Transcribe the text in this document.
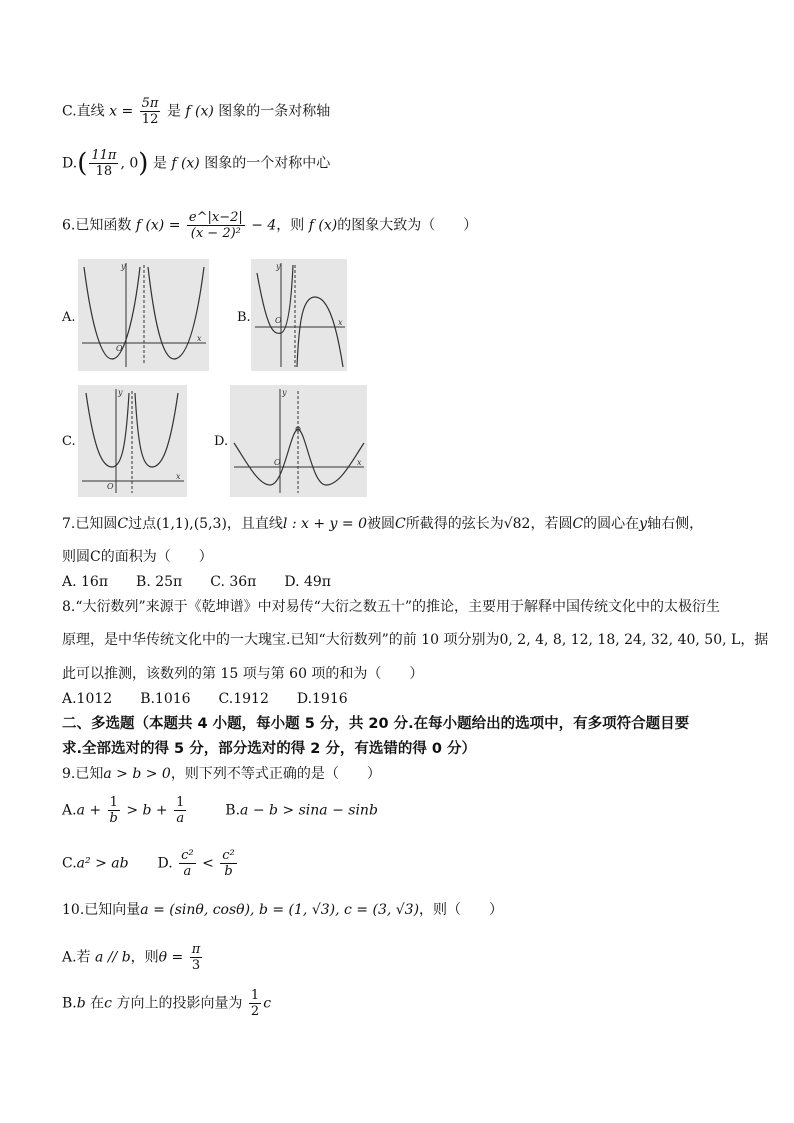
C.直线 $x = \frac{5\pi}{12}$ 是 f (x) 图象的一条对称轴
$D.( \frac{11\pi}{18}$ , 0) 是 f (x) 图象的一个对称中心
6.已知函数 f $(x) = \frac{e\^{}|x-2|}{\text{(x − 2)²}} - 4$，则 f (x)的图象大致为（　　）
A.
x
y
O
B.	x
y
O
C.
x
y
O
D.
x
y
O
7.已知圆C过点(1,1),(5,3)，且直线l : x + y = 0被圆C所截得的弦长为√82，若圆C的圆心在y轴右侧，
则圆C的面积为（　　）
A. 16π　　B. 25π　　C. 36π　　D. 49π
8.“大衍数列”来源于《乾坤谱》中对易传“大衍之数五十”的推论，主要用于解释中国传统文化中的太极衍生
原理，是中华传统文化中的一大瑰宝.已知“大衍数列”的前 10 项分别为0, 2, 4, 8, 12, 18, 24, 32, 40, 50, L，据
此可以推测，该数列的第 15 项与第 60 项的和为（　　）
A.1012　　B.1016　　C.1912　　D.1916
二、多选题（本题共 4 小题，每小题 5 分，共 20 分.在每小题给出的选项中，有多项符合题目要
求.全部选对的得 5 分，部分选对的得 2 分，有选错的得 0 分）
9.已知a > b > 0，则下列不等式正确的是（　　）
$A.a + \frac{1}{b} > b + \frac{1}{a}$	B.a − b > sina − sinb
C.a² > ab D. $\frac{\text{c²}}{a} < \frac{\text{c²}}{b}$
10.已知向量a = (sinθ, cosθ), b = (1, √3), c = (3, √3)，则（　　）
A.若 a // b，则$\theta = \frac{\pi}{3}$
B.b 在c 方向上的投影向量为 $\frac{1}{2}$ c
